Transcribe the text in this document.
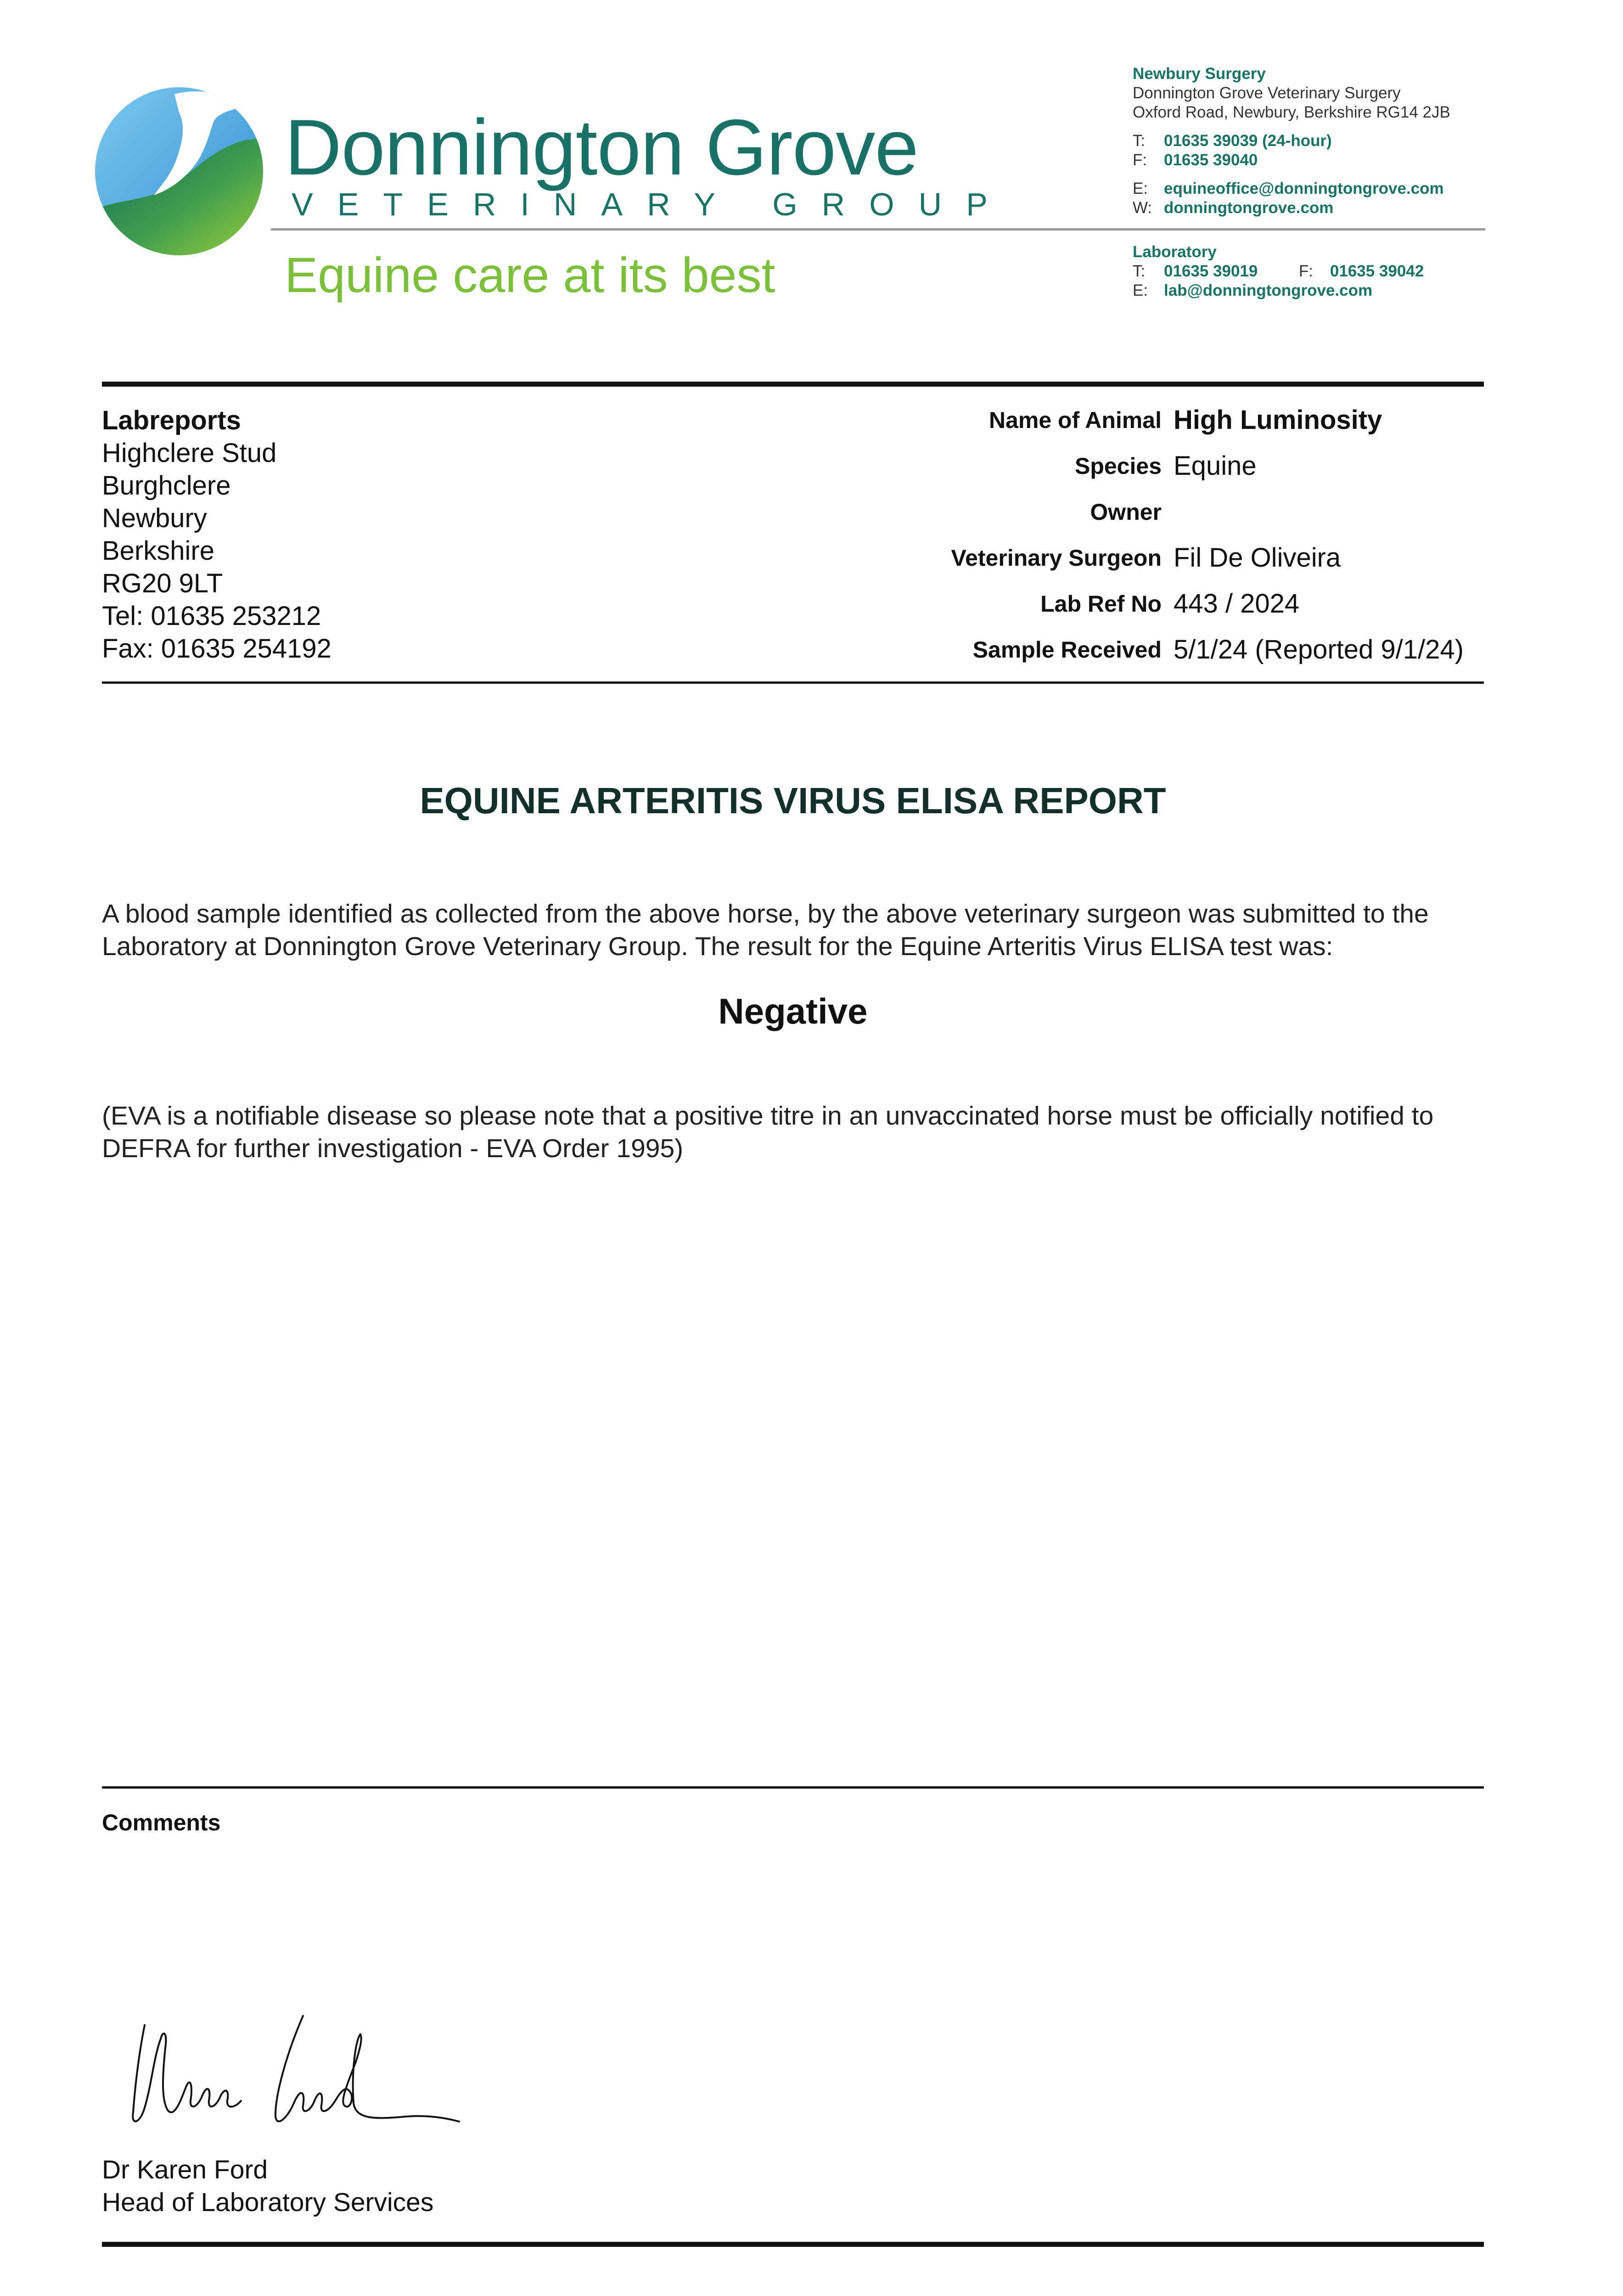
Donnington Grove
VETERINARY GROUP
Equine care at its best
Newbury Surgery
Donnington Grove Veterinary Surgery
Oxford Road, Newbury, Berkshire RG14 2JB
T: 01635 39039 (24-hour)
F: 01635 39040
E: equineoffice@donningtongrove.com
W: donningtongrove.com
Laboratory
T: 01635 39019	F: 01635 39042
E: lab@donningtongrove.com
Labreports
Highclere Stud
Burghclere
Newbury
Berkshire
RG20 9LT
Tel: 01635 253212
Fax: 01635 254192
Name of Animal High Luminosity
Species Equine
Owner
Veterinary Surgeon Fil De Oliveira
Lab Ref No 443 / 2024
Sample Received 5/1/24 (Reported 9/1/24)
EQUINE ARTERITIS VIRUS ELISA REPORT
A blood sample identified as collected from the above horse, by the above veterinary surgeon was submitted to the Laboratory at Donnington Grove Veterinary Group. The result for the Equine Arteritis Virus ELISA test was:
Negative
(EVA is a notifiable disease so please note that a positive titre in an unvaccinated horse must be officially notified to DEFRA for further investigation - EVA Order 1995)
Comments
Dr Karen Ford
Head of Laboratory Services
